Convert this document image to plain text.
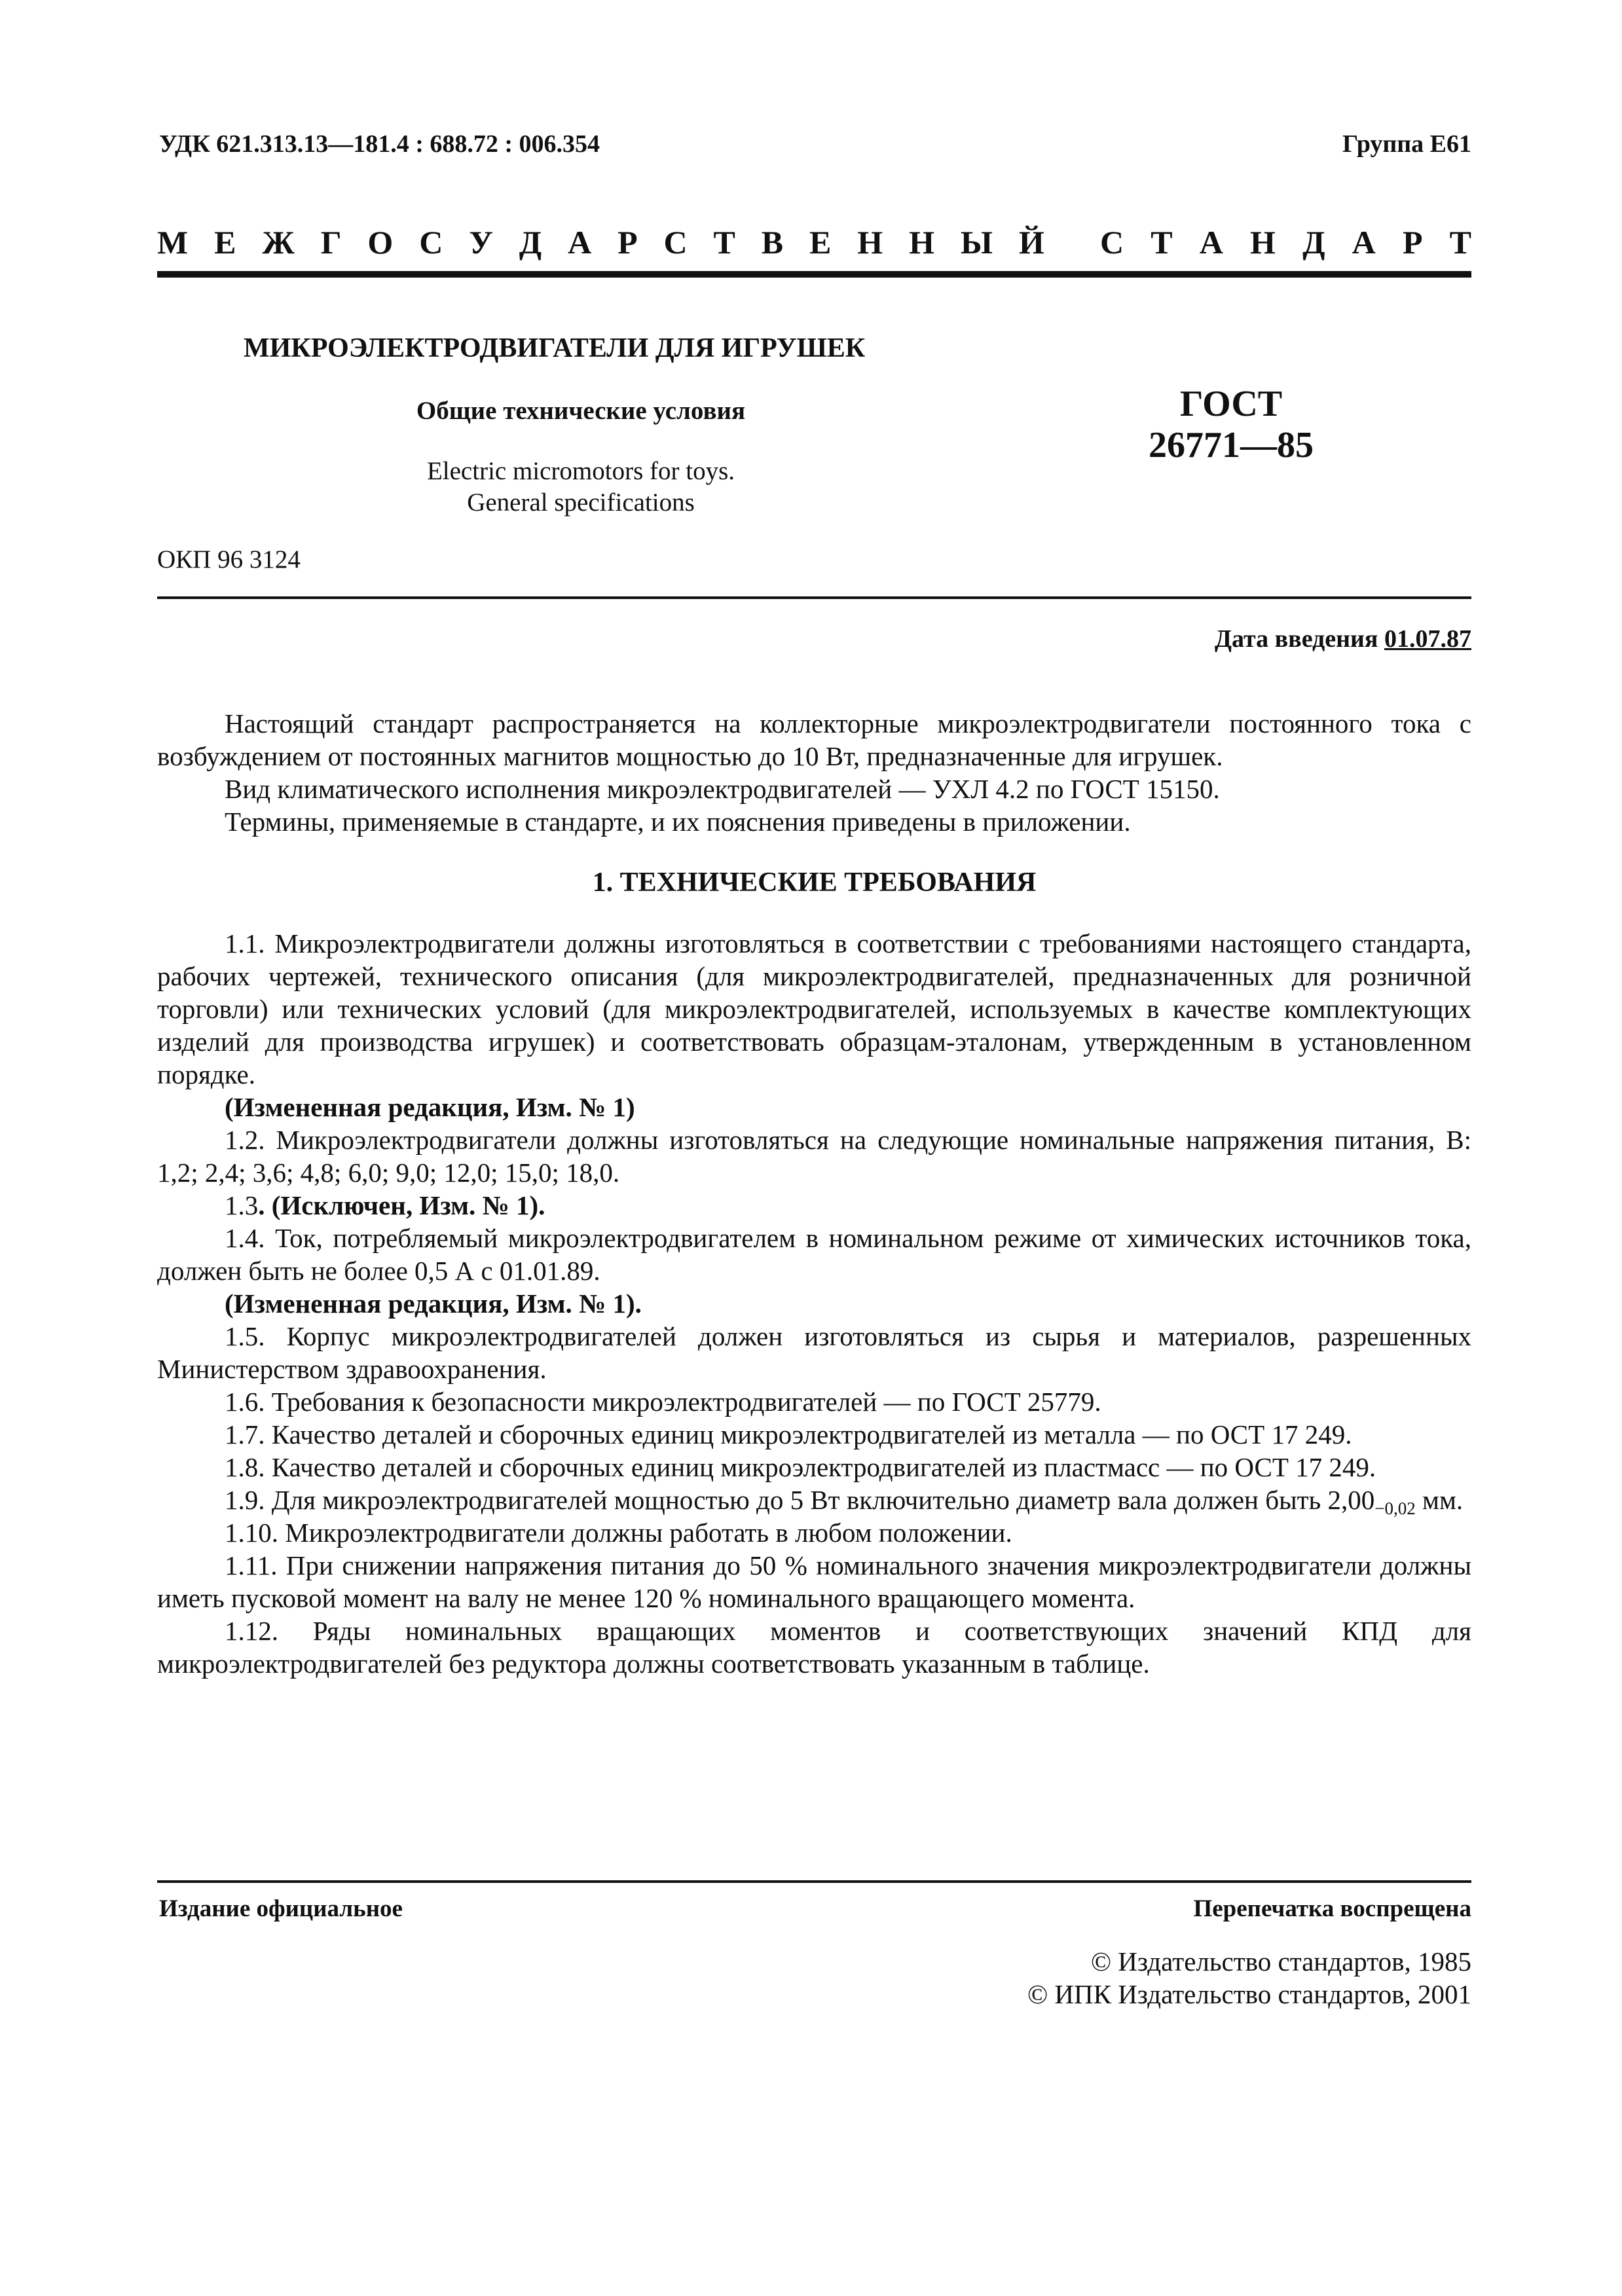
УДК 621.313.13—181.4 : 688.72 : 006.354	Группа Е61
М Е Ж Г О С У Д А Р С Т В Е Н Н Ы Й С Т А Н Д А Р Т
МИКРОЭЛЕКТРОДВИГАТЕЛИ ДЛЯ ИГРУШЕК
Общие технические условия
Electric micromotors for toys.
General specifications
ГОСТ
26771—85
ОКП 96 3124
Дата введения 01.07.87

Настоящий стандарт распространяется на коллекторные микроэлектродвигатели постоянного тока с возбуждением от постоянных магнитов мощностью до 10 Вт, предназначенные для игрушек.

Вид климатического исполнения микроэлектродвигателей — УХЛ 4.2 по ГОСТ 15150.

Термины, применяемые в стандарте, и их пояснения приведены в приложении.

1. ТЕХНИЧЕСКИЕ ТРЕБОВАНИЯ

1.1. Микроэлектродвигатели должны изготовляться в соответствии с требованиями настоящего стандарта, рабочих чертежей, технического описания (для микроэлектродвигателей, предназначенных для розничной торговли) или технических условий (для микроэлектродвигателей, используемых в качестве комплектующих изделий для производства игрушек) и соответствовать образцам-эталонам, утвержденным в установленном порядке.

(Измененная редакция, Изм. № 1)

1.2. Микроэлектродвигатели должны изготовляться на следующие номинальные напряжения питания, В: 1,2; 2,4; 3,6; 4,8; 6,0; 9,0; 12,0; 15,0; 18,0.

1.3. (Исключен, Изм. № 1).

1.4. Ток, потребляемый микроэлектродвигателем в номинальном режиме от химических источников тока, должен быть не более 0,5 А с 01.01.89.

(Измененная редакция, Изм. № 1).

1.5. Корпус микроэлектродвигателей должен изготовляться из сырья и материалов, разрешенных Министерством здравоохранения.

1.6. Требования к безопасности микроэлектродвигателей — по ГОСТ 25779.

1.7. Качество деталей и сборочных единиц микроэлектродвигателей из металла — по ОСТ 17 249.

1.8. Качество деталей и сборочных единиц микроэлектродвигателей из пластмасс — по ОСТ 17 249.

1.9. Для микроэлектродвигателей мощностью до 5 Вт включительно диаметр вала должен быть $2,00_{-0,02}$ мм.

1.10. Микроэлектродвигатели должны работать в любом положении.

1.11. При снижении напряжения питания до 50 % номинального значения микроэлектродвигатели должны иметь пусковой момент на валу не менее 120 % номинального вращающего момента.

1.12. Ряды номинальных вращающих моментов и соответствующих значений КПД для микроэлектродвигателей без редуктора должны соответствовать указанным в таблице.

Издание официальное	Перепечатка воспрещена
© Издательство стандартов, 1985
© ИПК Издательство стандартов, 2001
